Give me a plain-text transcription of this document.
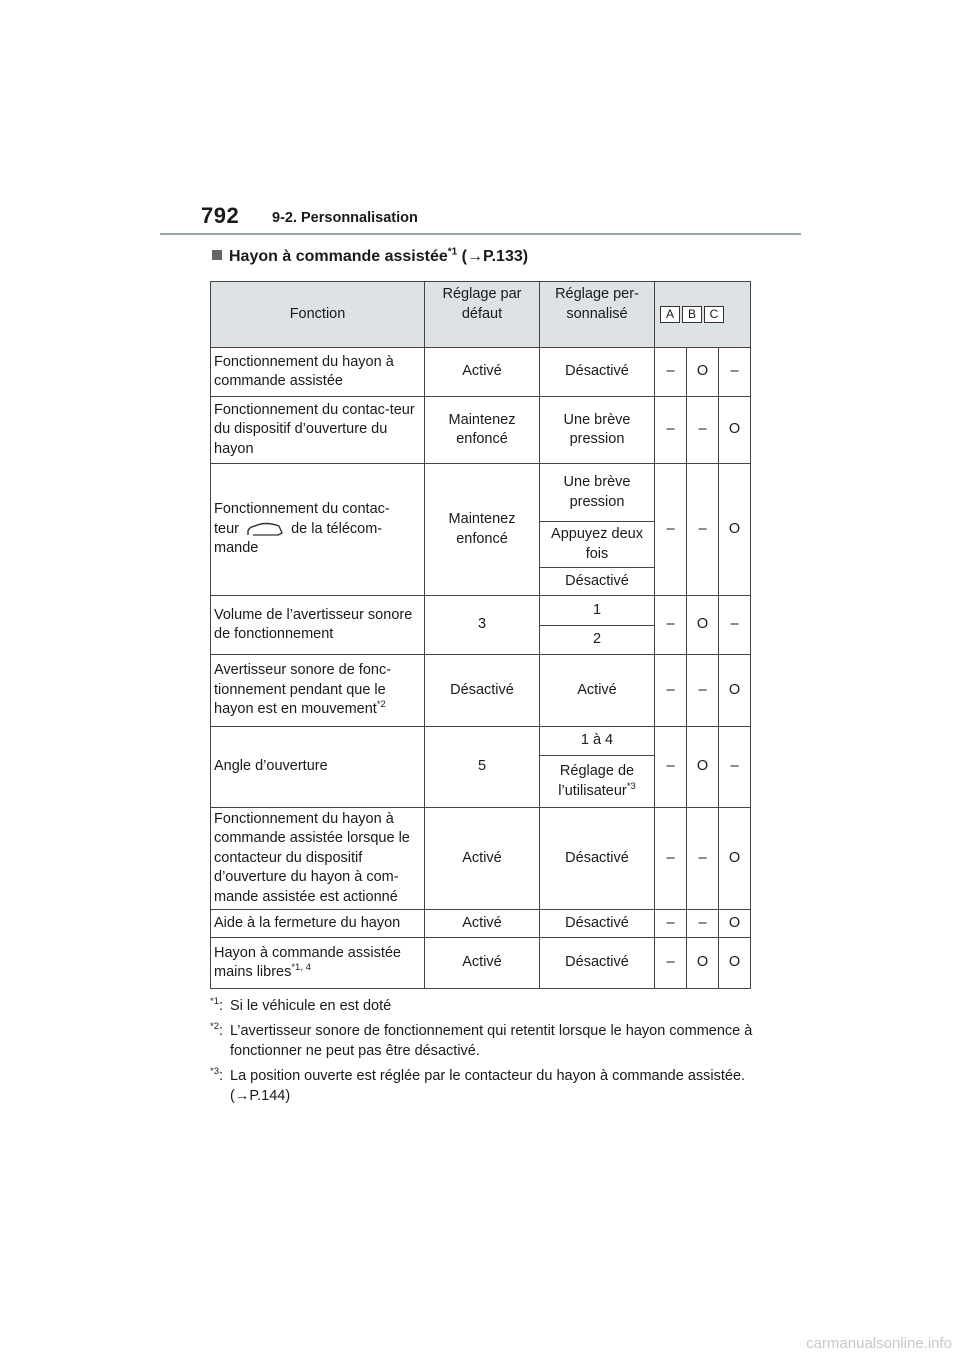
792 9-2. Personnalisation
Hayon à commande assistée$^{*1}$ (→P.133)
Fonction	Réglage par défaut	Réglage per-sonnalisé	A B C		
Fonctionnement du hayon à commande assistée	Activé	Désactivé	–	O	–
Fonctionnement du contac-teur du dispositif d’ouverture du hayon	Maintenez enfoncé	Une brève pression	–	–	O
Fonctionnement du contac-
teur de la télécom-
mande	Maintenez enfoncé	Une brève pression	–	–	O
		Appuyez deux fois			
		Désactivé			
Volume de l’avertisseur sonore de fonctionnement	3	1	–	O	–
		2			
Avertisseur sonore de fonc-tionnement pendant que le hayon est en mouvement$^{*2}$	Désactivé	Activé	–	–	O
Angle d’ouverture	5	1 à 4	–	O	–
		Réglage de l’utilisateur$^{*3}$
Fonctionnement du hayon à commande assistée lorsque le contacteur du dispositif d’ouverture du hayon à com-mande assistée est actionné	Activé	Désactivé	–	–	O
Aide à la fermeture du hayon	Activé	Désactivé	–	–	O
Hayon à commande assistée mains libres$^{*1, 4}$	Activé	Désactivé	–	O	O
$^{*1}$: Si le véhicule en est doté
$^{*2}$: L’avertisseur sonore de fonctionnement qui retentit lorsque le hayon commence à fonctionner ne peut pas être désactivé.
$^{*3}$: La position ouverte est réglée par le contacteur du hayon à commande assistée. (→P.144)
carmanualsonline.info
